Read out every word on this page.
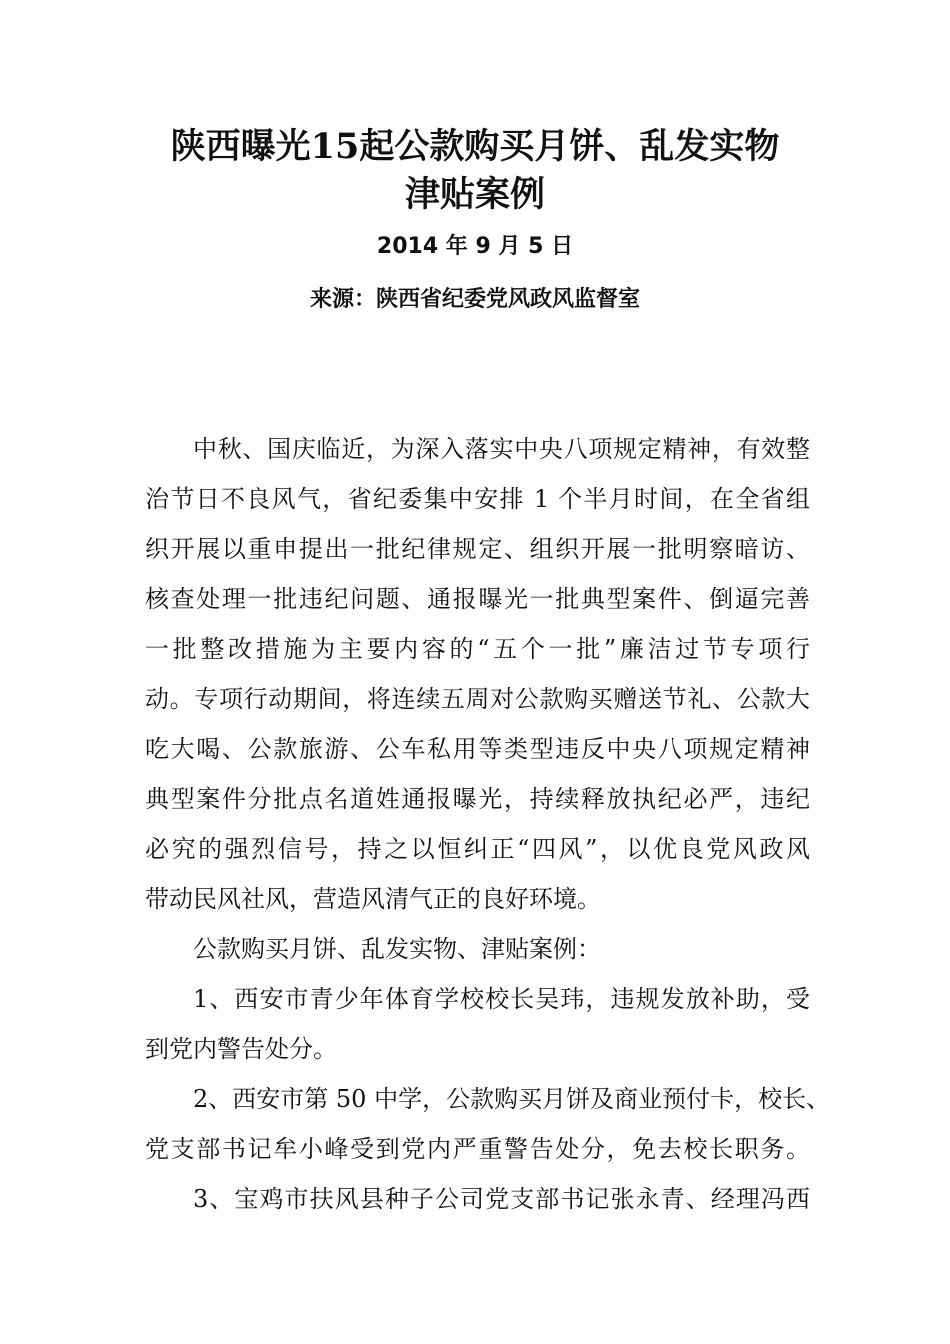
陕西曝光15起公款购买月饼、乱发实物
津贴案例
2014 年 9 月 5 日
来源：陕西省纪委党风政风监督室
中秋、国庆临近，为深入落实中央八项规定精神，有效整
治节日不良风气，省纪委集中安排 1 个半月时间，在全省组
织开展以重申提出一批纪律规定、组织开展一批明察暗访、
核查处理一批违纪问题、通报曝光一批典型案件、倒逼完善
一批整改措施为主要内容的“五个一批”廉洁过节专项行
动。专项行动期间，将连续五周对公款购买赠送节礼、公款大
吃大喝、公款旅游、公车私用等类型违反中央八项规定精神
典型案件分批点名道姓通报曝光，持续释放执纪必严，违纪
必究的强烈信号，持之以恒纠正“四风”，以优良党风政风
带动民风社风，营造风清气正的良好环境。
公款购买月饼、乱发实物、津贴案例：
1、西安市青少年体育学校校长吴玮，违规发放补助，受
到党内警告处分。
2、西安市第 50 中学，公款购买月饼及商业预付卡，校长、
党支部书记牟小峰受到党内严重警告处分，免去校长职务。
3、宝鸡市扶风县种子公司党支部书记张永青、经理冯西
